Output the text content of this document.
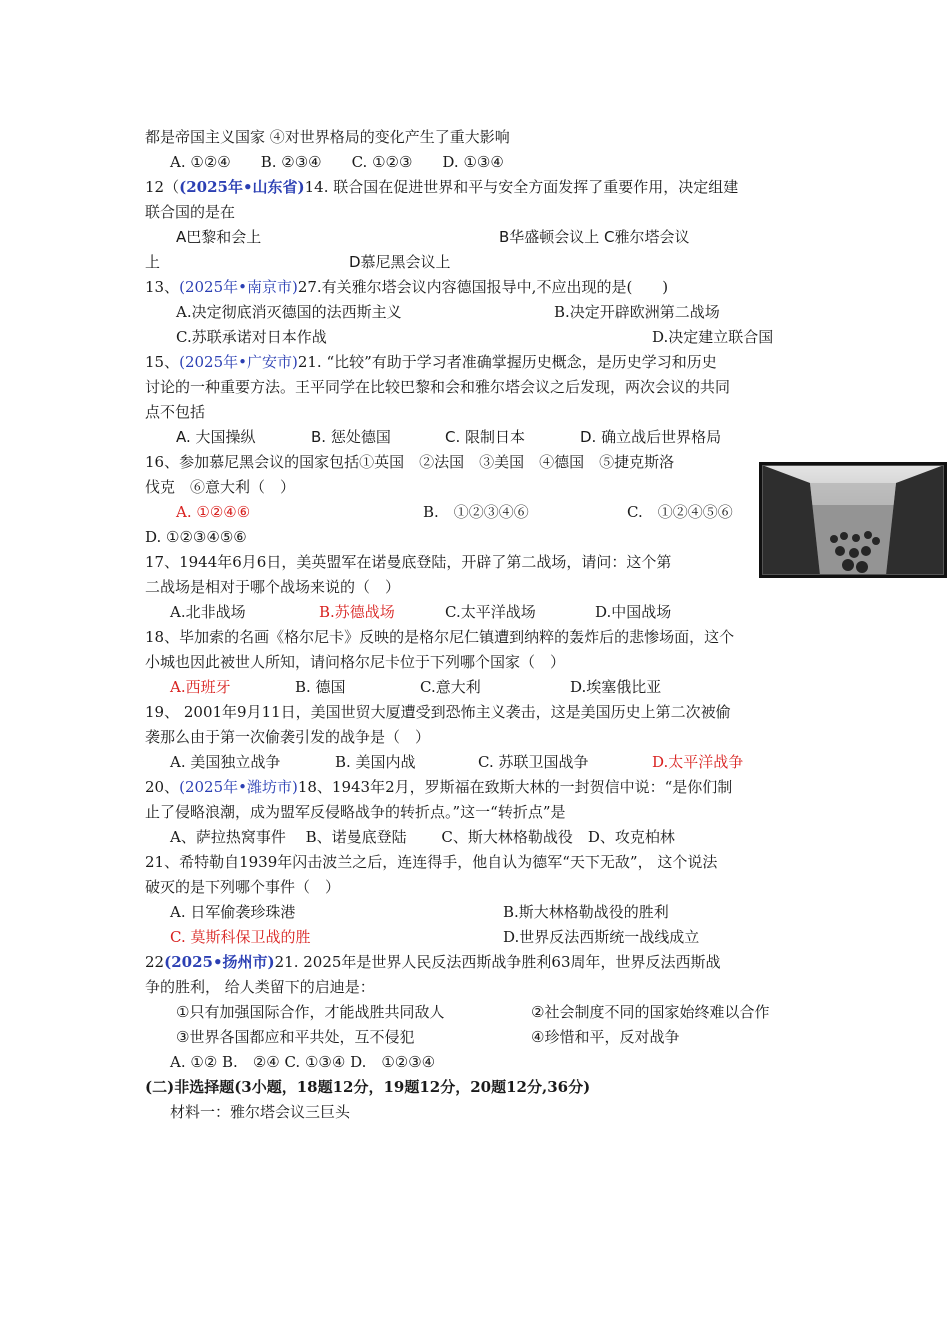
都是帝国主义国家 ④对世界格局的变化产生了重大影响
A. ①②④　　B. ②③④　　C. ①②③　　D. ①③④
12（(2025年•山东省)14. 联合国在促进世界和平与安全方面发挥了重要作用，决定组建
联合国的是在
A巴黎和会上	B华盛顿会议上 C雅尔塔会议
上	D慕尼黑会议上
13、(2025年•南京市)27.有关雅尔塔会议内容德国报导中,不应出现的是(　　)
A.决定彻底消灭德国的法西斯主义	B.决定开辟欧洲第二战场
C.苏联承诺对日本作战	D.决定建立联合国
15、(2025年•广安市)21. “比较”有助于学习者准确掌握历史概念，是历史学习和历史
讨论的一种重要方法。王平同学在比较巴黎和会和雅尔塔会议之后发现，两次会议的共同
点不包括
A. 大国操纵	B. 惩处德国	C. 限制日本	D. 确立战后世界格局
16、参加慕尼黑会议的国家包括①英国　②法国　③美国　④德国　⑤捷克斯洛
伐克　⑥意大利（　）
A. ①②④⑥	B.　①②③④⑥	C.　①②④⑤⑥
D. ①②③④⑤⑥
17、1944年6月6日，美英盟军在诺曼底登陆，开辟了第二战场，请问：这个第
二战场是相对于哪个战场来说的（　）
A.北非战场	B.苏德战场	C.太平洋战场	D.中国战场
18、毕加索的名画《格尔尼卡》反映的是格尔尼仁镇遭到纳粹的轰炸后的悲惨场面，这个
小城也因此被世人所知，请问格尔尼卡位于下列哪个国家（　）
A.西班牙	B. 德国	C.意大利	D.埃塞俄比亚
19、 2001年9月11日，美国世贸大厦遭受到恐怖主义袭击，这是美国历史上第二次被偷
袭那么由于第一次偷袭引发的战争是（　）
A. 美国独立战争	B. 美国内战	C. 苏联卫国战争	D.太平洋战争
20、(2025年•潍坊市)18、1943年2月，罗斯福在致斯大林的一封贺信中说：“是你们制
止了侵略浪潮，成为盟军反侵略战争的转折点。”这一“转折点”是
A、萨拉热窝事件　 B、诺曼底登陆　　 C、斯大林格勒战役　D、攻克柏林
21、希特勒自1939年闪击波兰之后，连连得手，他自认为德军“天下无敌”， 这个说法
破灭的是下列哪个事件（　）
A. 日军偷袭珍珠港	B.斯大林格勒战役的胜利
C. 莫斯科保卫战的胜	D.世界反法西斯统一战线成立
22(2025•扬州市)21. 2025年是世界人民反法西斯战争胜利63周年，世界反法西斯战
争的胜利， 给人类留下的启迪是：
①只有加强国际合作，才能战胜共同敌人	②社会制度不同的国家始终难以合作
③世界各国都应和平共处，互不侵犯	④珍惜和平，反对战争
A. ①② B.　②④ C. ①③④ D.　①②③④
(二)非选择题(3小题，18题12分，19题12分，20题12分,36分)
材料一：雅尔塔会议三巨头
